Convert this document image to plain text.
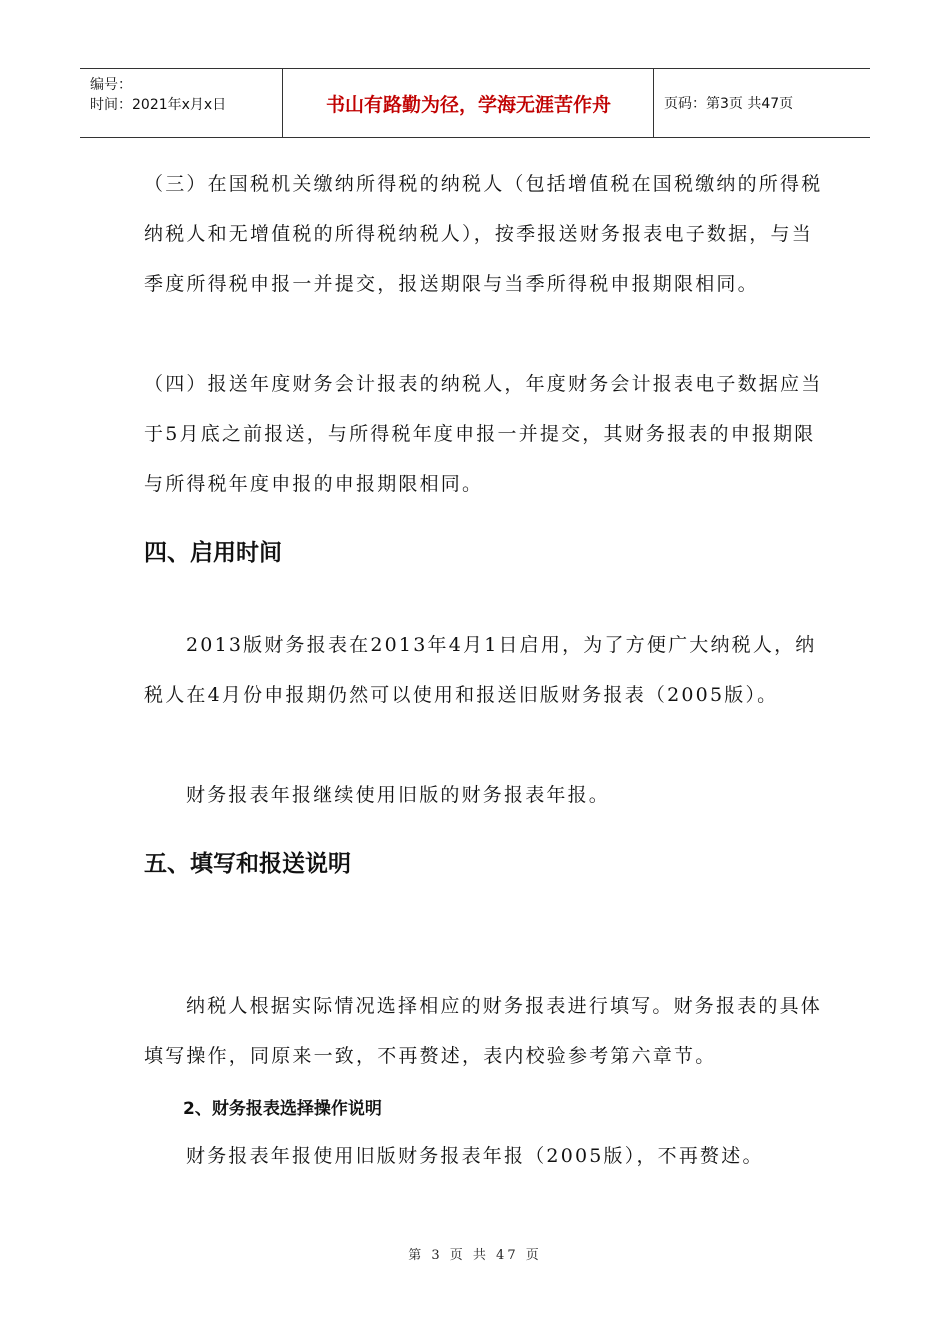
编号：
时间：2021年x月x日	书山有路勤为径，学海无涯苦作舟	页码：第3页 共47页

（三）在国税机关缴纳所得税的纳税人（包括增值税在国税缴纳的所得税纳税人和无增值税的所得税纳税人），按季报送财务报表电子数据，与当季度所得税申报一并提交，报送期限与当季所得税申报期限相同。

（四）报送年度财务会计报表的纳税人，年度财务会计报表电子数据应当于5月底之前报送，与所得税年度申报一并提交，其财务报表的申报期限与所得税年度申报的申报期限相同。

四、启用时间

2013版财务报表在2013年4月1日启用，为了方便广大纳税人，纳税人在4月份申报期仍然可以使用和报送旧版财务报表（2005版）。

财务报表年报继续使用旧版的财务报表年报。

五、填写和报送说明

纳税人根据实际情况选择相应的财务报表进行填写。财务报表的具体填写操作，同原来一致，不再赘述，表内校验参考第六章节。

2、财务报表选择操作说明

财务报表年报使用旧版财务报表年报（2005版），不再赘述。

第 3 页 共 47 页
